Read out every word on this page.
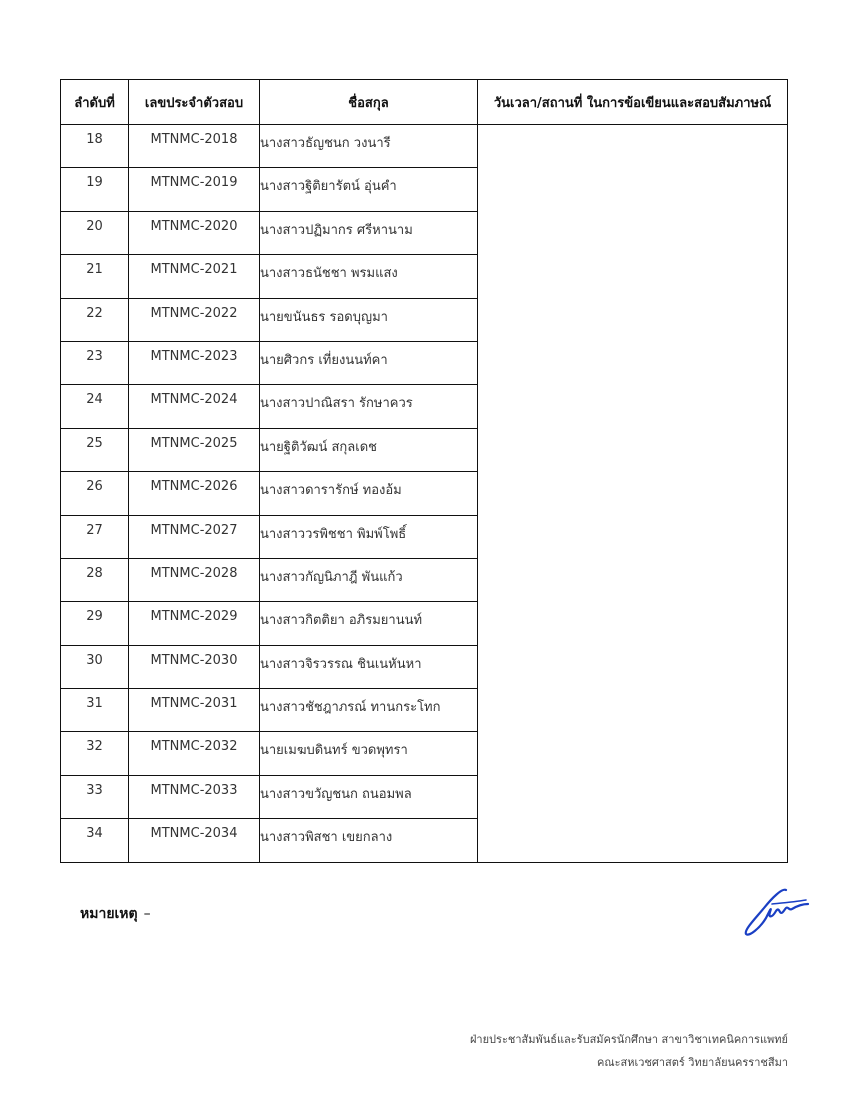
ลำดับที่	เลขประจำตัวสอบ	ชื่อสกุล	วันเวลา/สถานที่ ในการข้อเขียนและสอบสัมภาษณ์
18	MTNMC-2018	นางสาวธัญชนก วงนารี	
19	MTNMC-2019	นางสาวฐิติยารัตน์ อุ่นคำ	
20	MTNMC-2020	นางสาวปฏิมากร ศรีหานาม	
21	MTNMC-2021	นางสาวธนัชชา พรมแสง	
22	MTNMC-2022	นายขนันธร รอดบุญมา	
23	MTNMC-2023	นายศิวกร เที่ยงนนท์คา	
24	MTNMC-2024	นางสาวปาณิสรา รักษาควร	
25	MTNMC-2025	นายฐิติวัฒน์ สกุลเดช	
26	MTNMC-2026	นางสาวดารารักษ์ ทองอ้ม	
27	MTNMC-2027	นางสาววรพิชชา พิมพ์โพธิ์	
28	MTNMC-2028	นางสาวกัญนิภาฎี พันแก้ว	
29	MTNMC-2029	นางสาวกิตติยา อภิรมยานนท์	
30	MTNMC-2030	นางสาวจิรวรรณ ชินเนหันหา	
31	MTNMC-2031	นางสาวชัชฎาภรณ์ ทานกระโทก	
32	MTNMC-2032	นายเมฆบดินทร์ ขวดพุทรา	
33	MTNMC-2033	นางสาวขวัญชนก ถนอมพล	
34	MTNMC-2034	นางสาวพิสชา เขยกลาง	
หมายเหตุ –
ฝ่ายประชาสัมพันธ์และรับสมัครนักศึกษา สาขาวิชาเทคนิคการแพทย์
คณะสหเวชศาสตร์ วิทยาลัยนครราชสีมา
